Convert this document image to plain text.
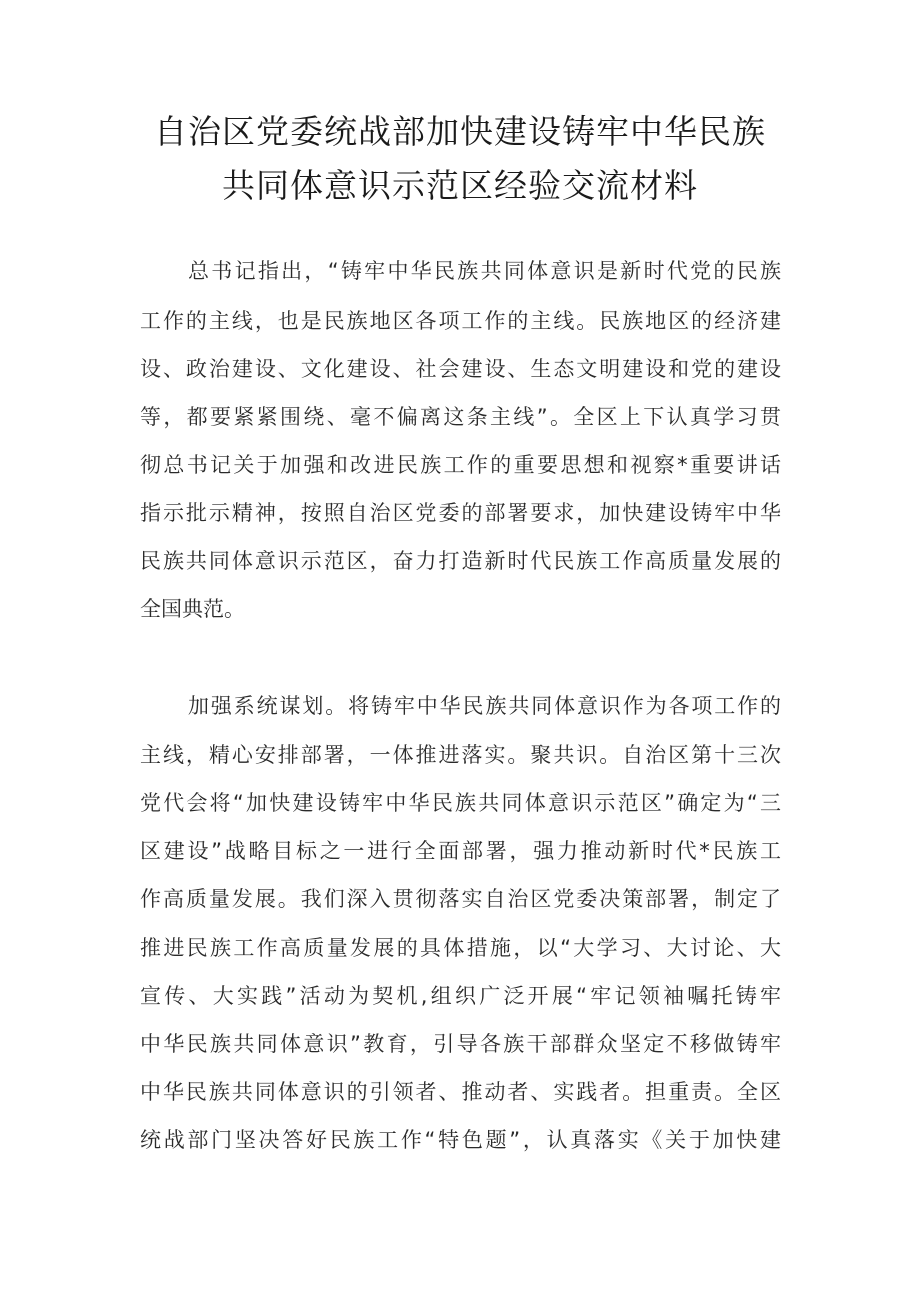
自治区党委统战部加快建设铸牢中华民族
共同体意识示范区经验交流材料
总书记指出，“铸牢中华民族共同体意识是新时代党的民族
工作的主线，也是民族地区各项工作的主线。民族地区的经济建
设、政治建设、文化建设、社会建设、生态文明建设和党的建设
等，都要紧紧围绕、毫不偏离这条主线”。全区上下认真学习贯
彻总书记关于加强和改进民族工作的重要思想和视察*重要讲话
指示批示精神，按照自治区党委的部署要求，加快建设铸牢中华
民族共同体意识示范区，奋力打造新时代民族工作高质量发展的
全国典范。
加强系统谋划。将铸牢中华民族共同体意识作为各项工作的
主线，精心安排部署，一体推进落实。聚共识。自治区第十三次
党代会将“加快建设铸牢中华民族共同体意识示范区”确定为“三
区建设”战略目标之一进行全面部署，强力推动新时代*民族工
作高质量发展。我们深入贯彻落实自治区党委决策部署，制定了
推进民族工作高质量发展的具体措施，以“大学习、大讨论、大
宣传、大实践”活动为契机,组织广泛开展“牢记领袖嘱托铸牢
中华民族共同体意识”教育，引导各族干部群众坚定不移做铸牢
中华民族共同体意识的引领者、推动者、实践者。担重责。全区
统战部门坚决答好民族工作“特色题”，认真落实《关于加快建
